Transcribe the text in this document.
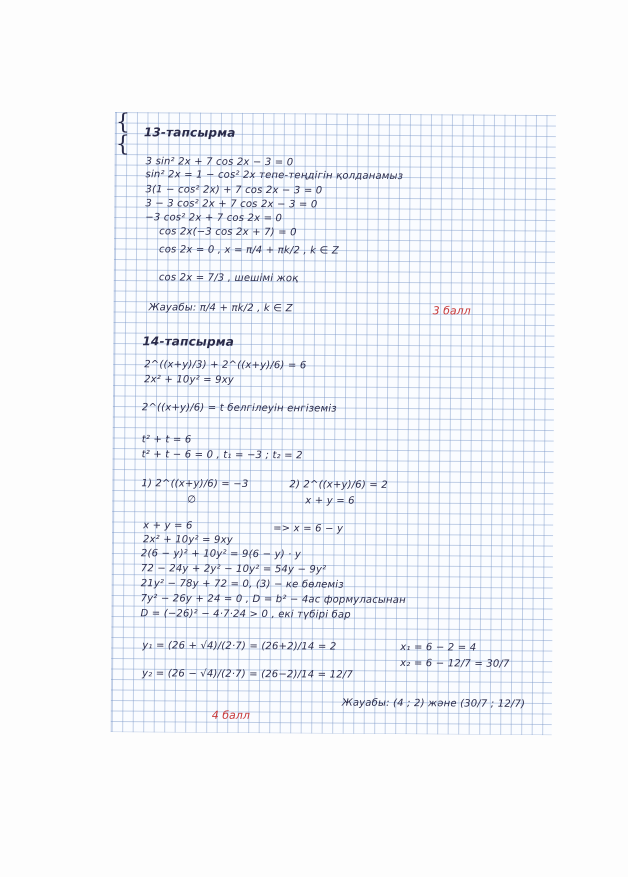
13-тапсырма
3 sin² 2x + 7 cos 2x − 3 = 0
sin² 2x = 1 − cos² 2x тепе-теңдігін қолданамыз
3(1 − cos² 2x) + 7 cos 2x − 3 = 0
3 − 3 cos² 2x + 7 cos 2x − 3 = 0
−3 cos² 2x + 7 cos 2x = 0
cos 2x(−3 cos 2x + 7) = 0
cos 2x = 0 , x = π/4 + πk/2 , k ∈ Z
cos 2x = 7/3 , шешімі жоқ
Жауабы: π/4 + πk/2 , k ∈ Z	3 балл
14-тапсырма
{
2^((x+y)/3) + 2^((x+y)/6) = 6
2x² + 10y² = 9xy
2^((x+y)/6) = t белгілеуін енгіземіз
t² + t = 6
t² + t − 6 = 0 , t₁ = −3 ; t₂ = 2
1) 2^((x+y)/6) = −3
∅
2) 2^((x+y)/6) = 2
x + y = 6
{
x + y = 6
2x² + 10y² = 9xy
=> x = 6 − y
2(6 − y)² + 10y² = 9(6 − y) · y
72 − 24y + 2y² − 10y² = 54y − 9y²
21y² − 78y + 72 = 0, (3) − ке бөлеміз
7y² − 26y + 24 = 0 , D = b² − 4ac формуласынан
D = (−26)² − 4·7·24 > 0 , екі түбірі бар
y₁ = (26 + √4)/(2·7) = (26+2)/14 = 2
y₂ = (26 − √4)/(2·7) = (26−2)/14 = 12/7
x₁ = 6 − 2 = 4
x₂ = 6 − 12/7 = 30/7
4 балл
Жауабы: (4 ; 2) және (30/7 ; 12/7)
